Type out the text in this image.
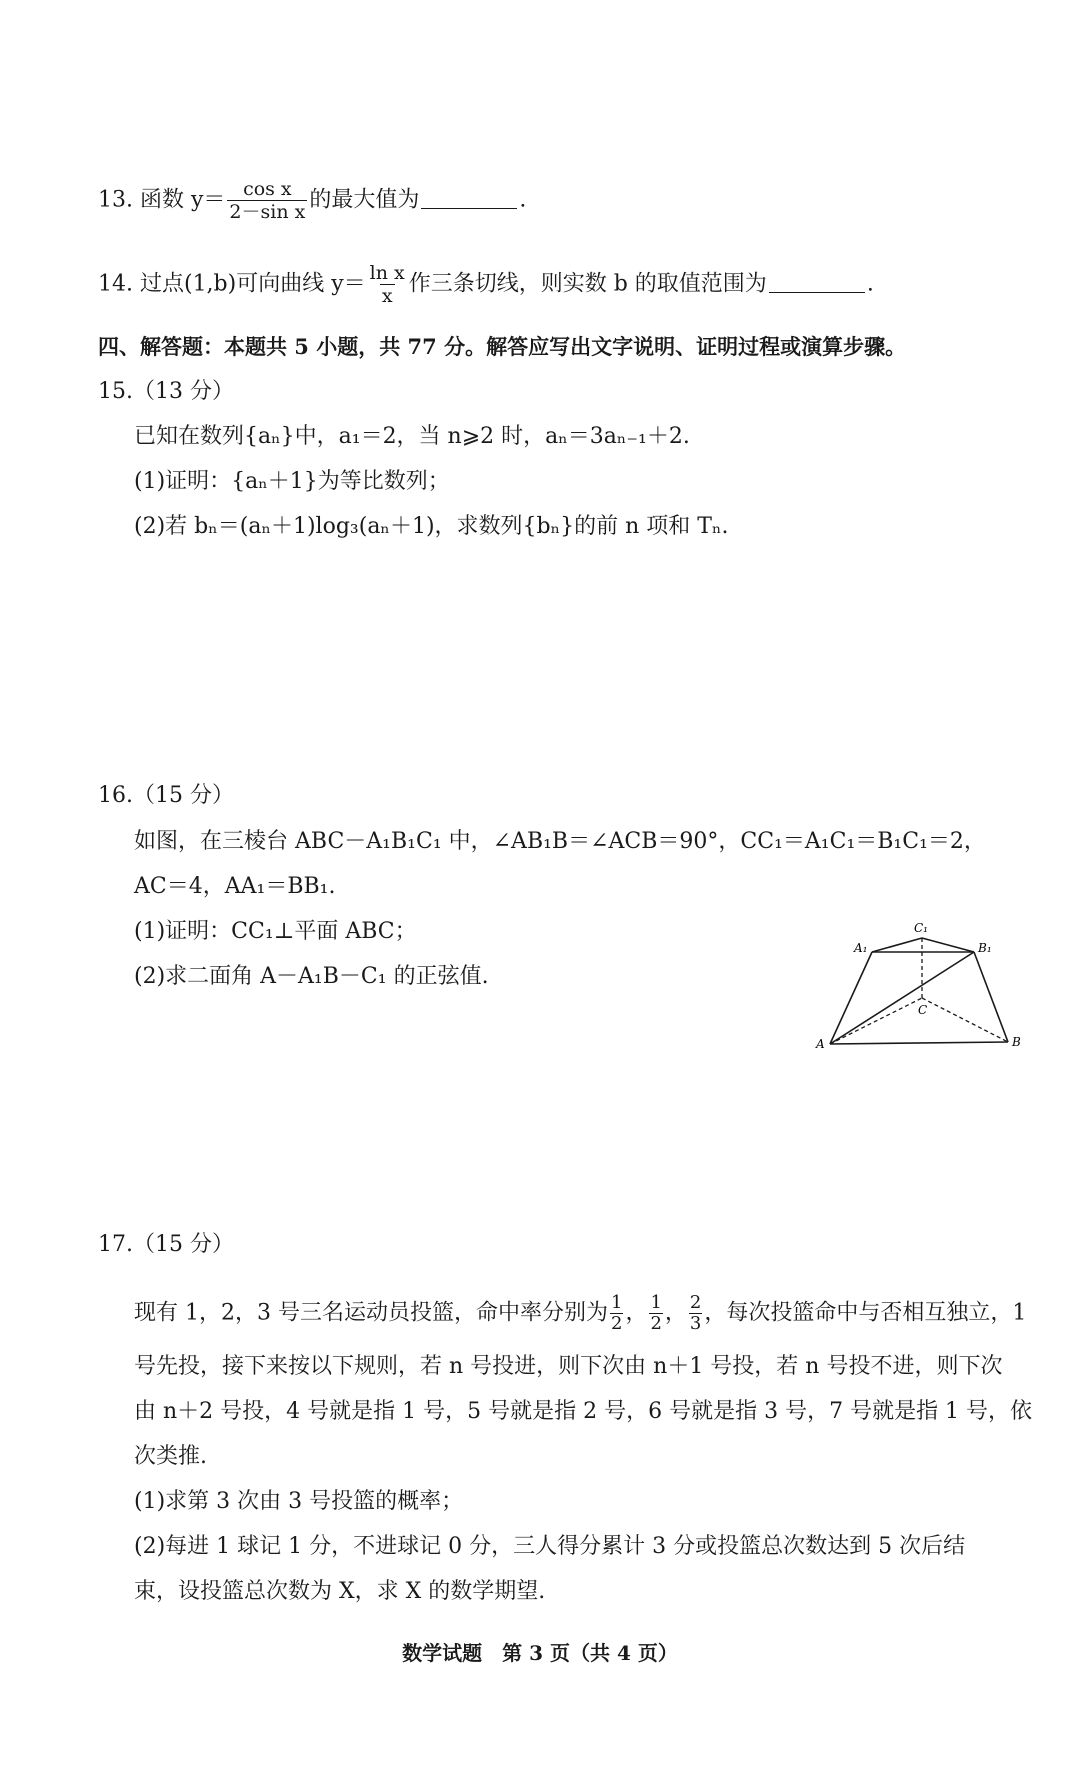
13. 函数 $y= \frac{\text{cos x}}{\text{2－sin x}}$ 的最大值为	.
14. 过点(1,b)可向曲线 $y= \frac{\text{ln x}}{x}$ 作三条切线，则实数 b 的取值范围为	.
四、解答题：本题共 5 小题，共 77 分。解答应写出文字说明、证明过程或演算步骤。
15.（13 分）
已知在数列{aₙ}中，a₁＝2，当 n⩾2 时，aₙ＝3aₙ₋₁＋2.
(1)证明：{aₙ＋1}为等比数列；
(2)若 bₙ＝(aₙ＋1)log₃(aₙ＋1)，求数列{bₙ}的前 n 项和 Tₙ.
16.（15 分）
如图，在三棱台 ABC－A₁B₁C₁ 中，∠AB₁B＝∠ACB＝90°，CC₁＝A₁C₁＝B₁C₁＝2，
AC＝4，AA₁＝BB₁.
(1)证明：CC₁⊥平面 ABC；
(2)求二面角 A－A₁B－C₁ 的正弦值.
C₁
A₁	B₁
C
A	B
17.（15 分）
现有 1，2，3 号三名运动员投篮，命中率分别为 $\frac{1}{2}$ ， $\frac{1}{2}$ ， $\frac{2}{3}$ ，每次投篮命中与否相互独立，1
号先投，接下来按以下规则，若 n 号投进，则下次由 n＋1 号投，若 n 号投不进，则下次
由 n＋2 号投，4 号就是指 1 号，5 号就是指 2 号，6 号就是指 3 号，7 号就是指 1 号，依
次类推.
(1)求第 3 次由 3 号投篮的概率；
(2)每进 1 球记 1 分，不进球记 0 分，三人得分累计 3 分或投篮总次数达到 5 次后结
束，设投篮总次数为 X，求 X 的数学期望.
数学试题　第 3 页（共 4 页）
